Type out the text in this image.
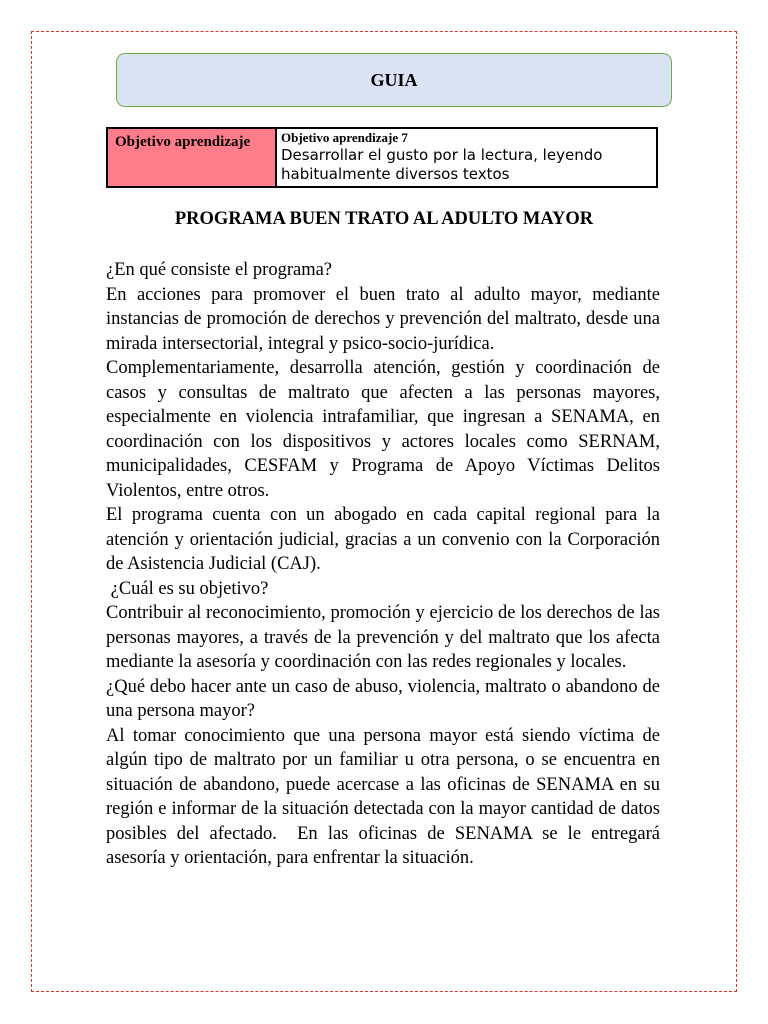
GUIA
Objetivo aprendizaje	Objetivo aprendizaje 7
Desarrollar el gusto por la lectura, leyendo habitualmente diversos textos
PROGRAMA BUEN TRATO AL ADULTO MAYOR

¿En qué consiste el programa?

En acciones para promover el buen trato al adulto mayor, mediante instancias de promoción de derechos y prevención del maltrato, desde una mirada intersectorial, integral y psico-socio-jurídica.

Complementariamente, desarrolla atención, gestión y coordinación de casos y consultas de maltrato que afecten a las personas mayores, especialmente en violencia intrafamiliar, que ingresan a SENAMA, en coordinación con los dispositivos y actores locales como SERNAM, municipalidades, CESFAM y Programa de Apoyo Víctimas Delitos Violentos, entre otros.

El programa cuenta con un abogado en cada capital regional para la atención y orientación judicial, gracias a un convenio con la Corporación de Asistencia Judicial (CAJ).

¿Cuál es su objetivo?

Contribuir al reconocimiento, promoción y ejercicio de los derechos de las personas mayores, a través de la prevención y del maltrato que los afecta mediante la asesoría y coordinación con las redes regionales y locales.

¿Qué debo hacer ante un caso de abuso, violencia, maltrato o abandono de una persona mayor?

Al tomar conocimiento que una persona mayor está siendo víctima de algún tipo de maltrato por un familiar u otra persona, o se encuentra en situación de abandono, puede acercase a las oficinas de SENAMA en su región e informar de la situación detectada con la mayor cantidad de datos posibles del afectado.  En las oficinas de SENAMA se le entregará asesoría y orientación, para enfrentar la situación.
